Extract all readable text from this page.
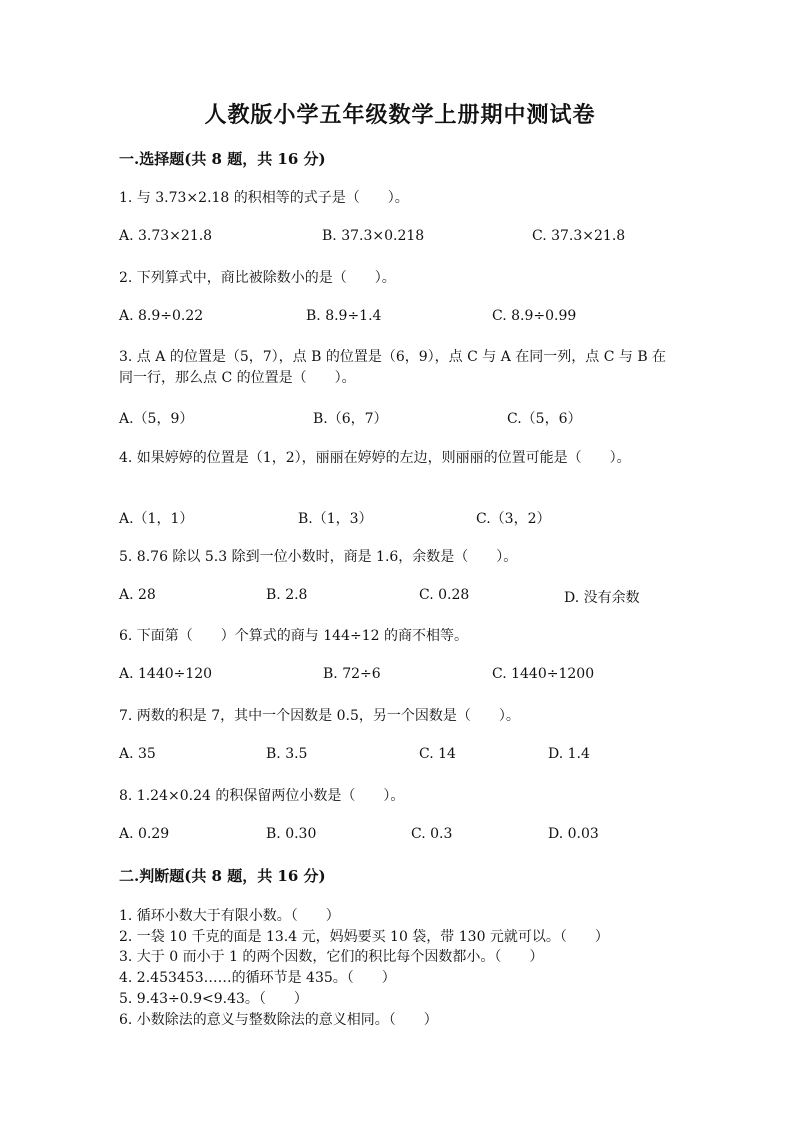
人教版小学五年级数学上册期中测试卷
一.选择题(共 8 题，共 16 分)
1. 与 3.73×2.18 的积相等的式子是（　　）。
A. 3.73×21.8	B. 37.3×0.218	C. 37.3×21.8
2. 下列算式中，商比被除数小的是（　　）。
A. 8.9÷0.22	B. 8.9÷1.4	C. 8.9÷0.99
3. 点 A 的位置是（5，7），点 B 的位置是（6，9），点 C 与 A 在同一列，点 C 与 B 在同一行，那么点 C 的位置是（　　）。
A.（5，9）	B.（6，7）	C.（5，6）
4. 如果婷婷的位置是（1，2），丽丽在婷婷的左边，则丽丽的位置可能是（　　）。
A.（1，1）	B.（1，3）	C.（3，2）
5. 8.76 除以 5.3 除到一位小数时，商是 1.6，余数是（　　）。
A. 28	B. 2.8	C. 0.28	D. 没有余数
6. 下面第（　　）个算式的商与 144÷12 的商不相等。
A. 1440÷120	B. 72÷6	C. 1440÷1200
7. 两数的积是 7，其中一个因数是 0.5，另一个因数是（　　）。
A. 35	B. 3.5	C. 14	D. 1.4
8. 1.24×0.24 的积保留两位小数是（　　）。
A. 0.29	B. 0.30	C. 0.3	D. 0.03
二.判断题(共 8 题，共 16 分)
1. 循环小数大于有限小数。（　　）
2. 一袋 10 千克的面是 13.4 元，妈妈要买 10 袋，带 130 元就可以。（　　）
3. 大于 0 而小于 1 的两个因数，它们的积比每个因数都小。（　　）
4. 2.453453……的循环节是 435。（　　）
5. 9.43÷0.9<9.43。（　　）
6. 小数除法的意义与整数除法的意义相同。（　　）
